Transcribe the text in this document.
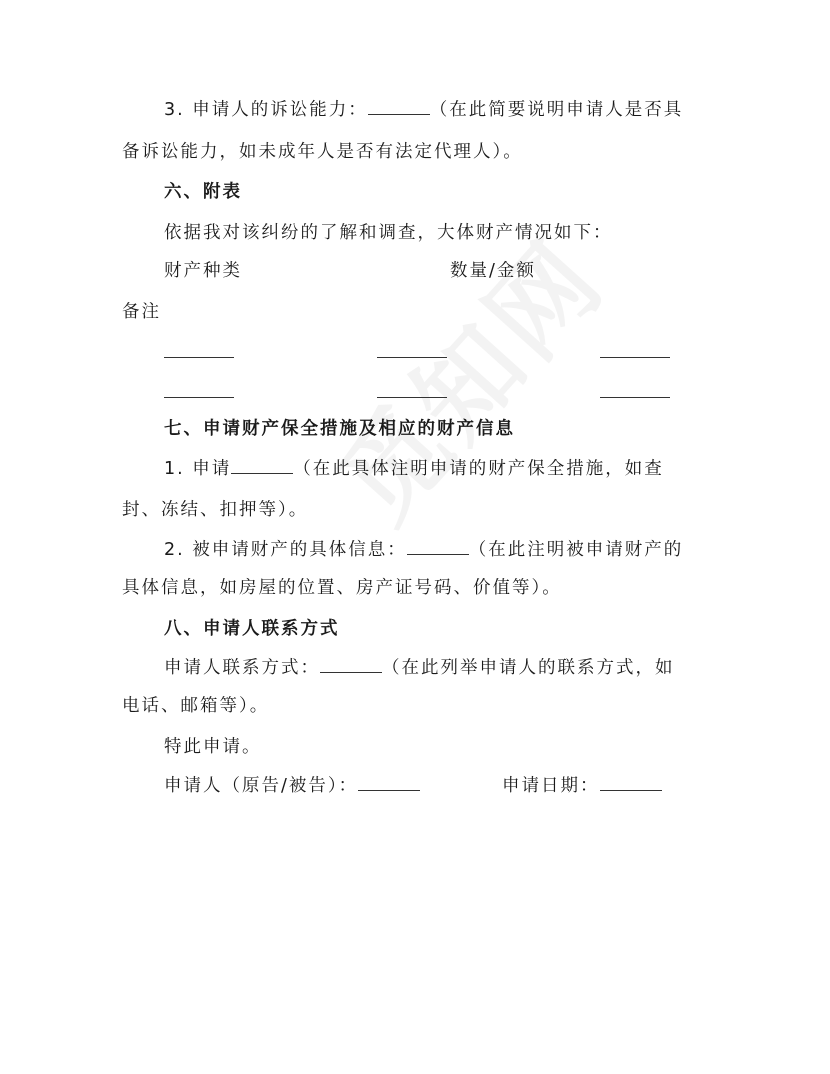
3. 申请人的诉讼能力：	（在此简要说明申请人是否具
备诉讼能力，如未成年人是否有法定代理人）。
六、附表
依据我对该纠纷的了解和调查，大体财产情况如下：
财产种类	数量/金额
备注
七、申请财产保全措施及相应的财产信息
1. 申请	（在此具体注明申请的财产保全措施，如查
封、冻结、扣押等）。
2. 被申请财产的具体信息：	（在此注明被申请财产的
具体信息，如房屋的位置、房产证号码、价值等）。
八、申请人联系方式
申请人联系方式：	（在此列举申请人的联系方式，如
电话、邮箱等）。
特此申请。
申请人（原告/被告）：	申请日期：
